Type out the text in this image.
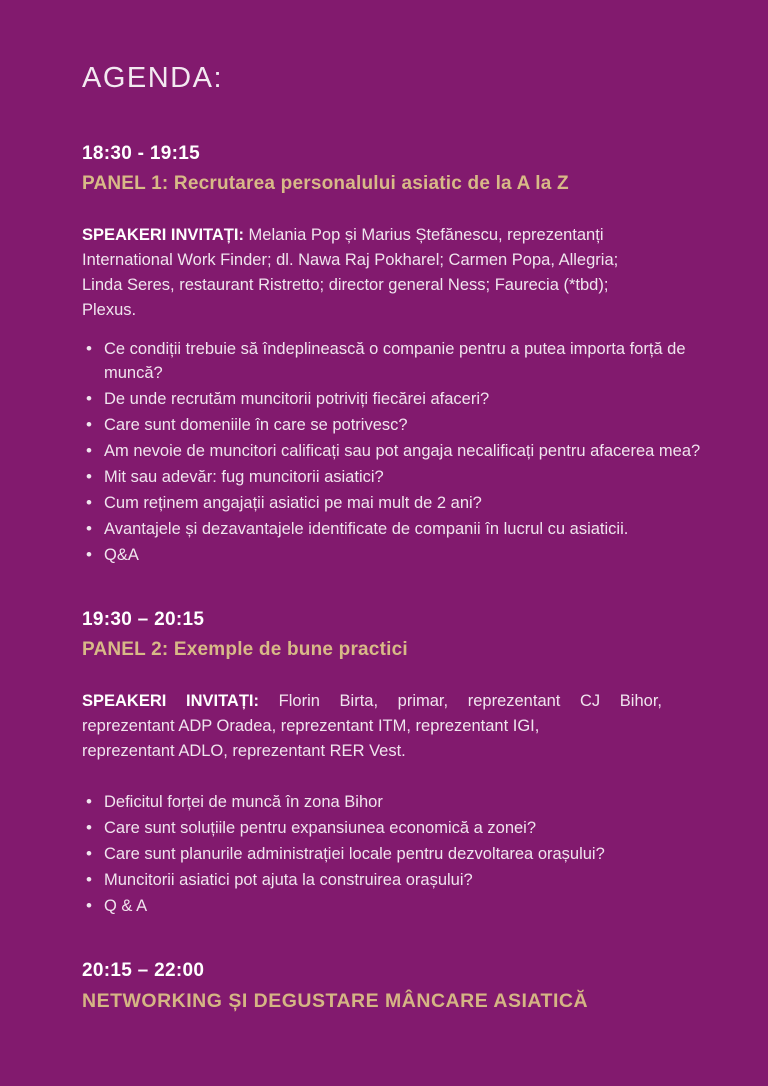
AGENDA:
18:30 - 19:15
PANEL 1: Recrutarea personalului asiatic de la A la Z

SPEAKERI INVITAȚI: Melania Pop și Marius Ștefănescu, reprezentanți International Work Finder; dl. Nawa Raj Pokharel; Carmen Popa, Allegria; Linda Seres, restaurant Ristretto; director general Ness; Faurecia (*tbd); Plexus.

• Ce condiții trebuie să îndeplinească o companie pentru a putea importa forță de muncă?
• De unde recrutăm muncitorii potriviți fiecărei afaceri?
• Care sunt domeniile în care se potrivesc?
• Am nevoie de muncitori calificați sau pot angaja necalificați pentru afacerea mea?
• Mit sau adevăr: fug muncitorii asiatici?
• Cum reținem angajații asiatici pe mai mult de 2 ani?
• Avantajele și dezavantajele identificate de companii în lucrul cu asiaticii.
• Q&A
19:30 – 20:15
PANEL 2: Exemple de bune practici
SPEAKERI INVITAȚI: Florin Birta, primar, reprezentant CJ Bihor,
reprezentant ADP Oradea, reprezentant ITM, reprezentant IGI,
reprezentant ADLO, reprezentant RER Vest.
• Deficitul forței de muncă în zona Bihor
• Care sunt soluțiile pentru expansiunea economică a zonei?
• Care sunt planurile administrației locale pentru dezvoltarea orașului?
• Muncitorii asiatici pot ajuta la construirea orașului?
• Q & A
20:15 – 22:00
NETWORKING ȘI DEGUSTARE MÂNCARE ASIATICĂ
